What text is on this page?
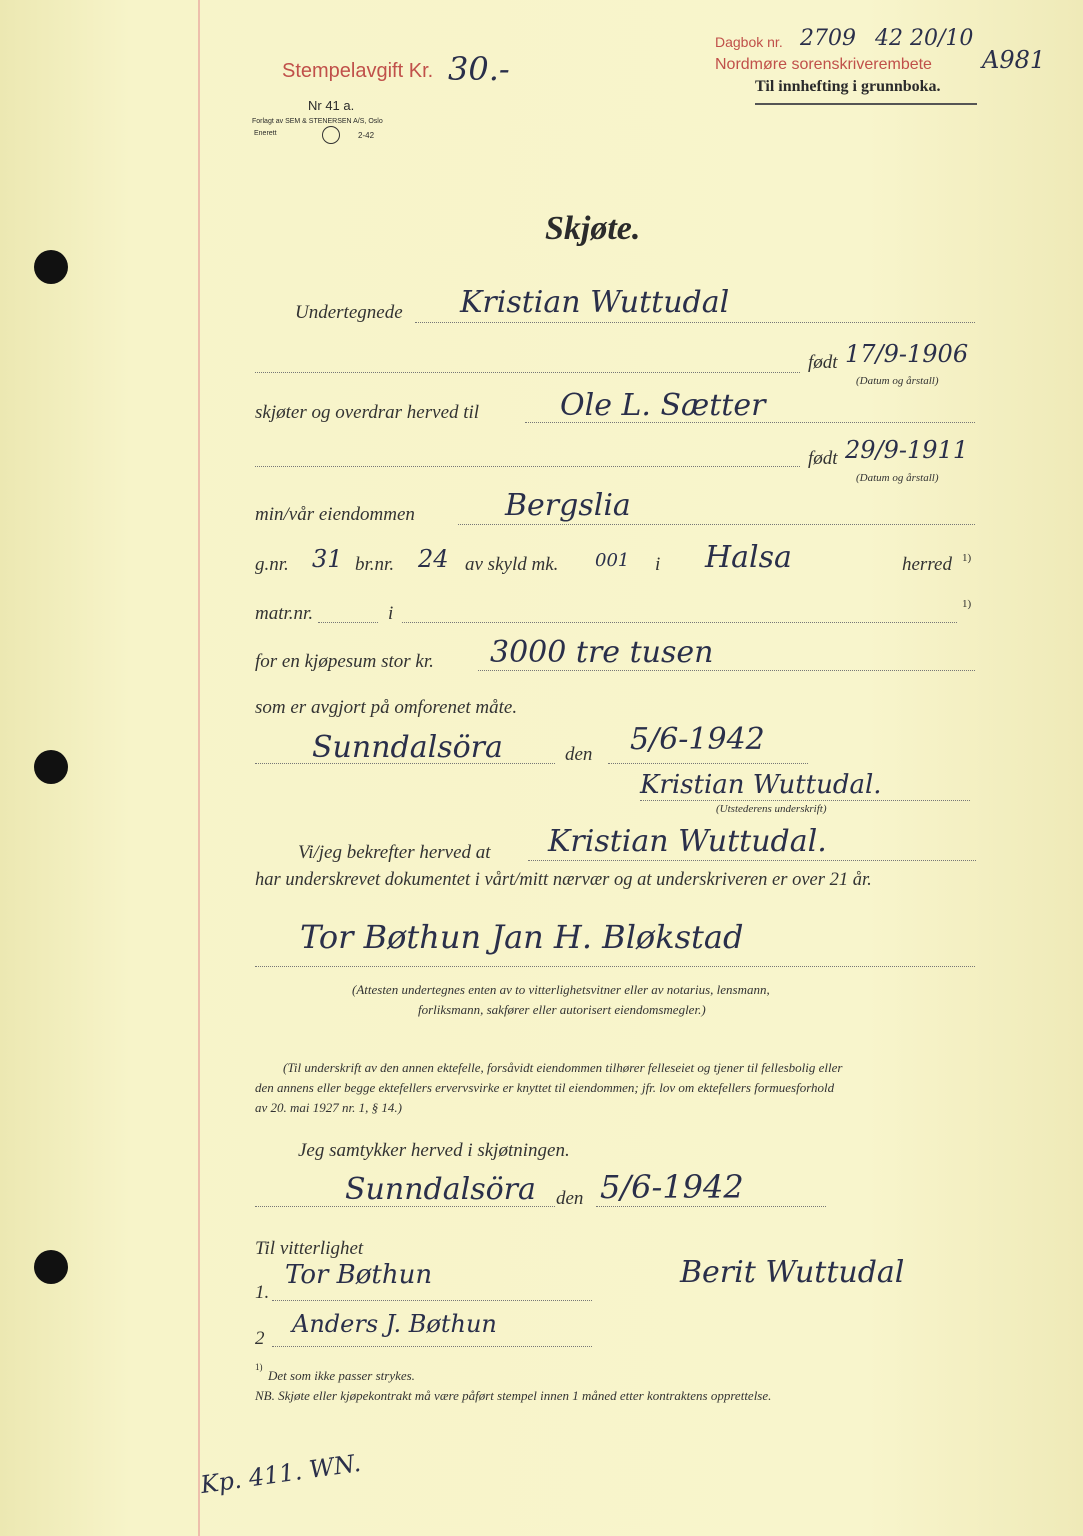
Stempelavgift Kr. 30.-
Nr 41 a.
Forlagt av SEM & STENERSEN A/S, Oslo
Enerett	2-42
Dagbok nr. 2709 42 20/10
Nordmøre sorenskriverembete A981
Til innhefting i grunnboka.
Skjøte.
Undertegnede Kristian Wuttudal
født 17/9-1906
(Datum og årstall)
skjøter og overdrar herved til	Ole L. Sætter
født 29/9-1911
(Datum og årstall)
min/vår eiendommen	Bergslia
g.nr. 31 br.nr. 24 av skyld mk. 001 i Halsa	herred 1)
matr.nr.	i	1)
for en kjøpesum stor kr. 3000 tre tusen
som er avgjort på omforenet måte.
Sunndalsöra	den 5/6-1942
Kristian Wuttudal.
(Utstederens underskrift)
Vi/jeg bekrefter herved at Kristian Wuttudal.
har underskrevet dokumentet i vårt/mitt nærvær og at underskriveren er over 21 år.
Tor Bøthun Jan H. Bløkstad
(Attesten undertegnes enten av to vitterlighetsvitner eller av notarius, lensmann,
forliksmann, sakfører eller autorisert eiendomsmegler.)
(Til underskrift av den annen ektefelle, forsåvidt eiendommen tilhører felleseiet og tjener til fellesbolig eller
den annens eller begge ektefellers ervervsvirke er knyttet til eiendommen; jfr. lov om ektefellers formuesforhold
av 20. mai 1927 nr. 1, § 14.)
Jeg samtykker herved i skjøtningen.
Sunndalsöra den 5/6-1942
Til vitterlighet
1.
Tor Bøthun	Berit Wuttudal
2
Anders J. Bøthun
1)
Det som ikke passer strykes.
NB. Skjøte eller kjøpekontrakt må være påført stempel innen 1 måned etter kontraktens opprettelse.
Kp. 411. WN.
